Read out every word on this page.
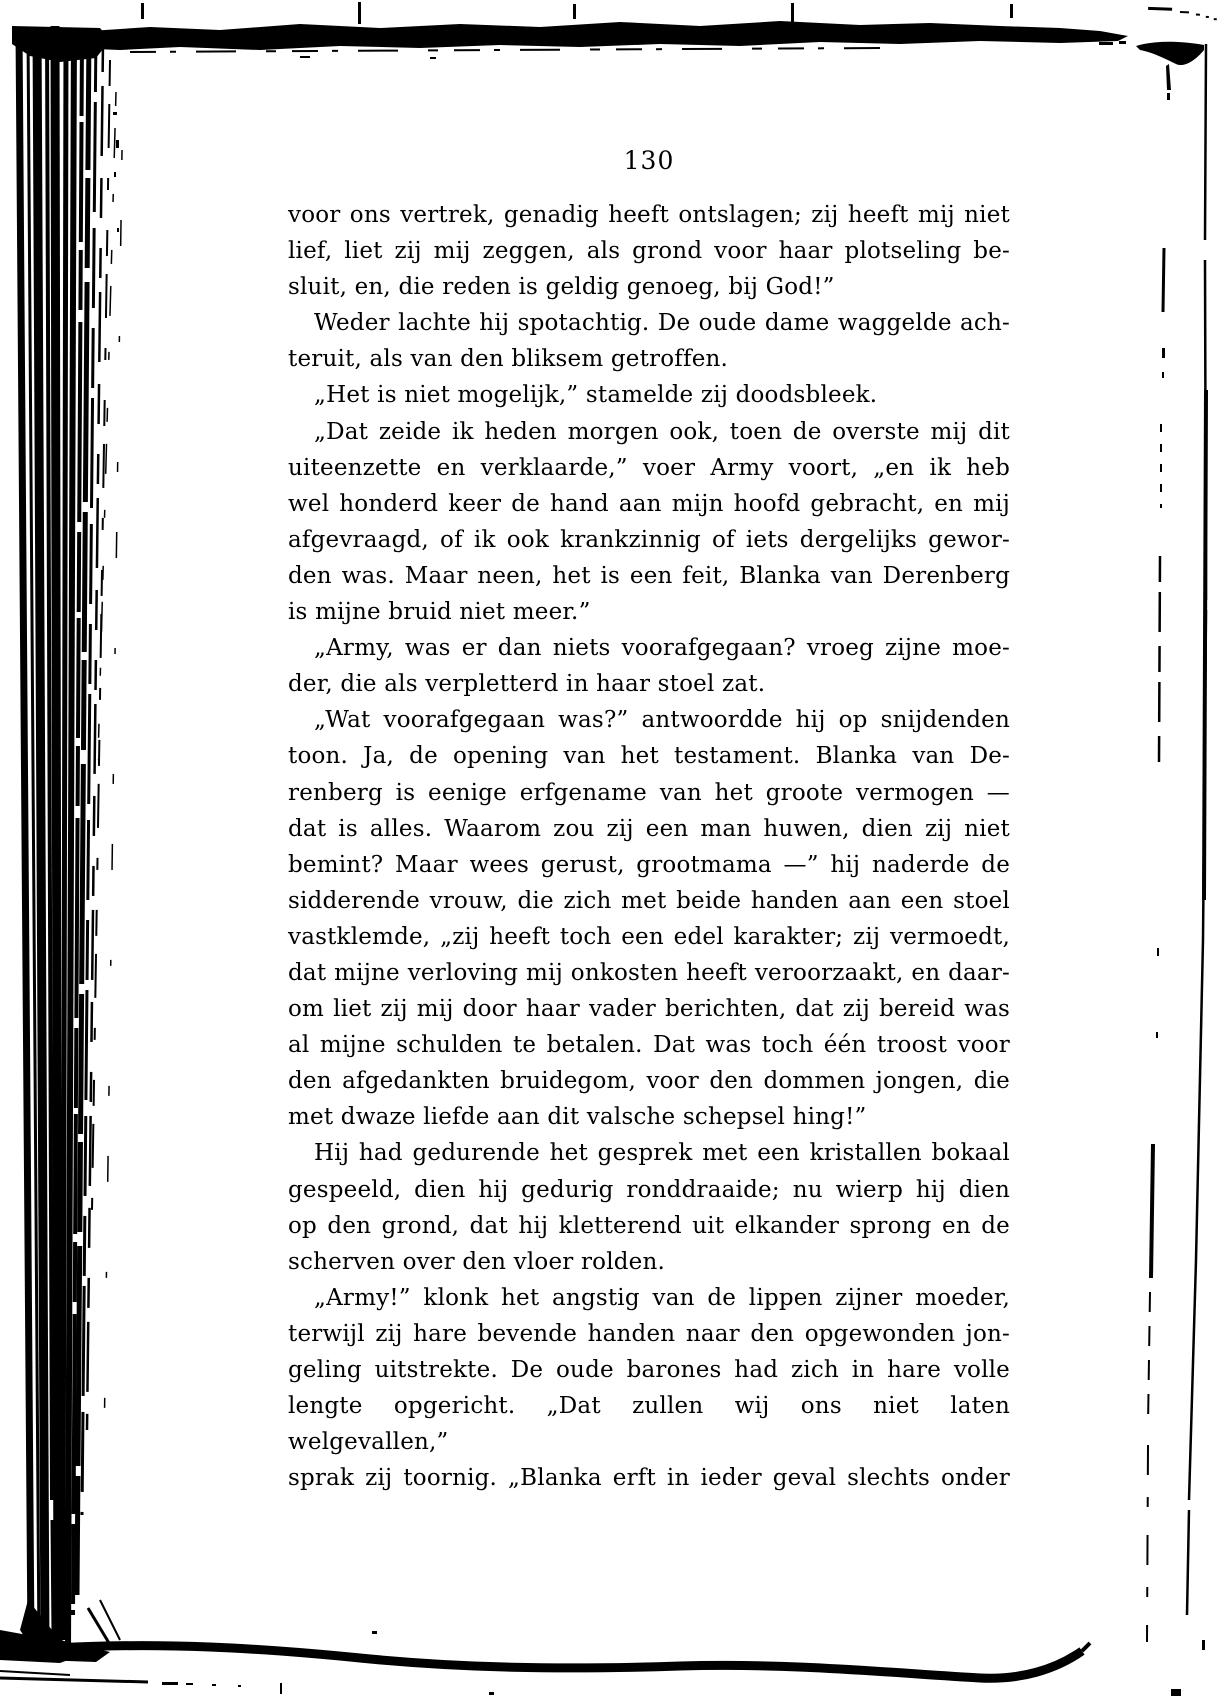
130
voor ons vertrek, genadig heeft ontslagen; zij heeft mij niet
lief, liet zij mij zeggen, als grond voor haar plotseling be-
sluit, en, die reden is geldig genoeg, bij God!”
Weder lachte hij spotachtig. De oude dame waggelde ach-
teruit, als van den bliksem getroffen.
„Het is niet mogelijk,” stamelde zij doodsbleek.
„Dat zeide ik heden morgen ook, toen de overste mij dit
uiteenzette en verklaarde,” voer Army voort, „en ik heb
wel honderd keer de hand aan mijn hoofd gebracht, en mij
afgevraagd, of ik ook krankzinnig of iets dergelijks gewor-
den was. Maar neen, het is een feit, Blanka van Derenberg
is mijne bruid niet meer.”
„Army, was er dan niets voorafgegaan? vroeg zijne moe-
der, die als verpletterd in haar stoel zat.
„Wat voorafgegaan was?” antwoordde hij op snijdenden
toon. Ja, de opening van het testament. Blanka van De-
renberg is eenige erfgename van het groote vermogen —
dat is alles. Waarom zou zij een man huwen, dien zij niet
bemint? Maar wees gerust, grootmama —” hij naderde de
sidderende vrouw, die zich met beide handen aan een stoel
vastklemde, „zij heeft toch een edel karakter; zij vermoedt,
dat mijne verloving mij onkosten heeft veroorzaakt, en daar-
om liet zij mij door haar vader berichten, dat zij bereid was
al mijne schulden te betalen. Dat was toch één troost voor
den afgedankten bruidegom, voor den dommen jongen, die
met dwaze liefde aan dit valsche schepsel hing!”
Hij had gedurende het gesprek met een kristallen bokaal
gespeeld, dien hij gedurig ronddraaide; nu wierp hij dien
op den grond, dat hij kletterend uit elkander sprong en de
scherven over den vloer rolden.
„Army!” klonk het angstig van de lippen zijner moeder,
terwijl zij hare bevende handen naar den opgewonden jon-
geling uitstrekte. De oude barones had zich in hare volle
lengte opgericht. „Dat zullen wij ons niet laten welgevallen,”
sprak zij toornig. „Blanka erft in ieder geval slechts onder
